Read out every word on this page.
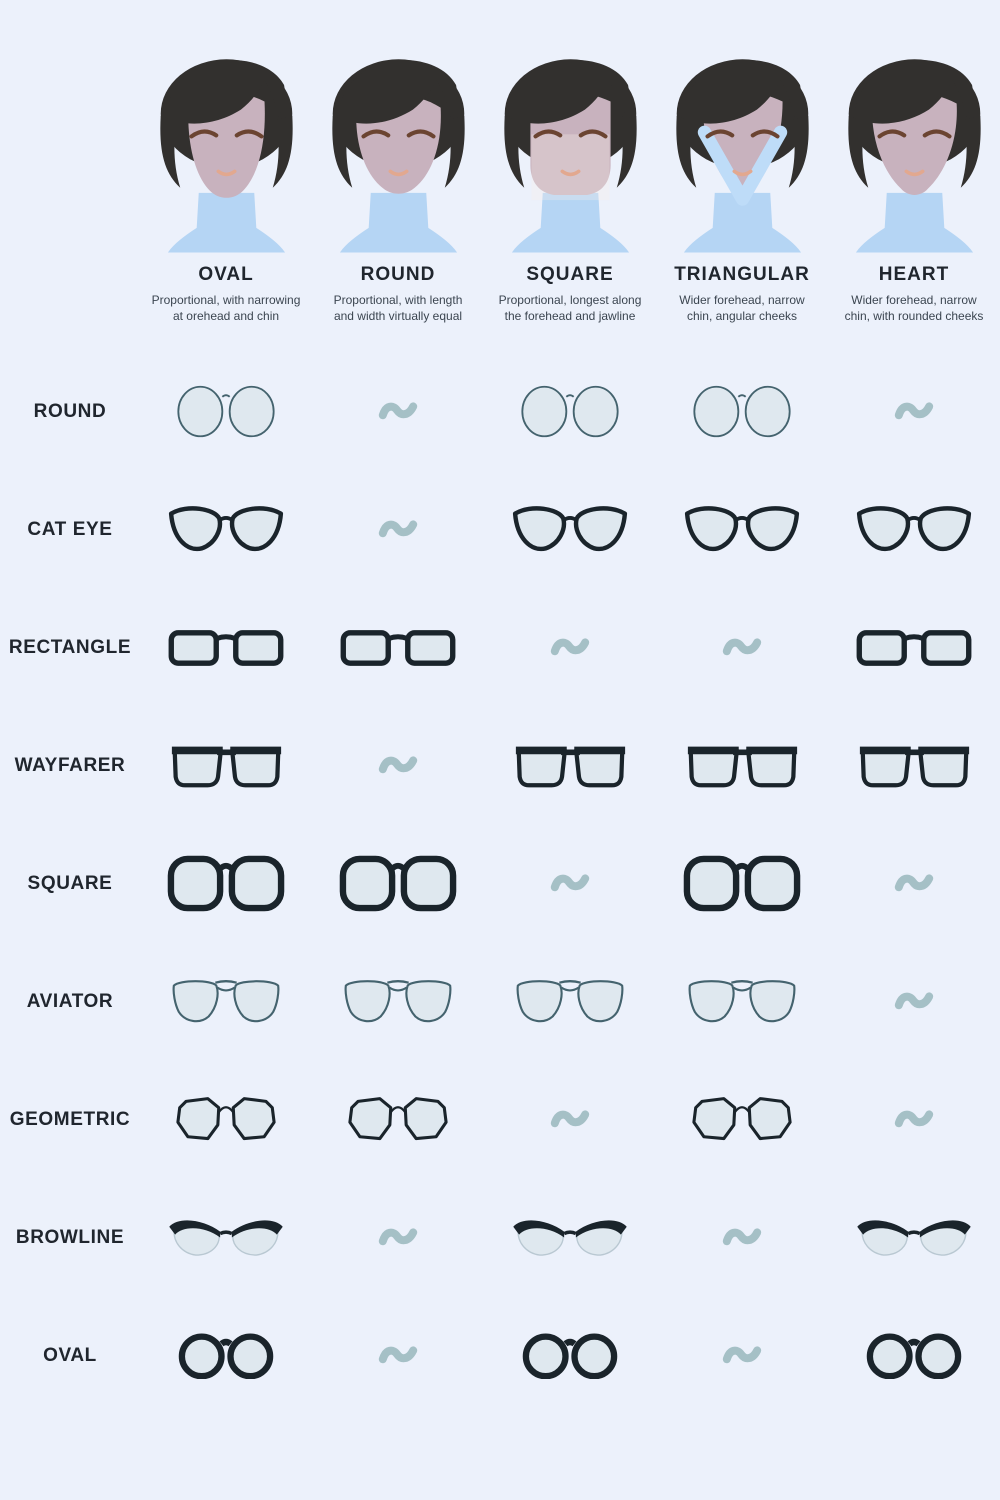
OVAL
Proportional, with narrowing at orehead and chin
ROUND
Proportional, with length and width virtually equal
SQUARE
Proportional, longest along the forehead and jawline
TRIANGULAR
Wider forehead, narrow chin, angular cheeks
HEART
Wider forehead, narrow chin, with rounded cheeks
ROUND
CAT EYE
RECTANGLE
WAYFARER
SQUARE
AVIATOR
GEOMETRIC
BROWLINE
OVAL
